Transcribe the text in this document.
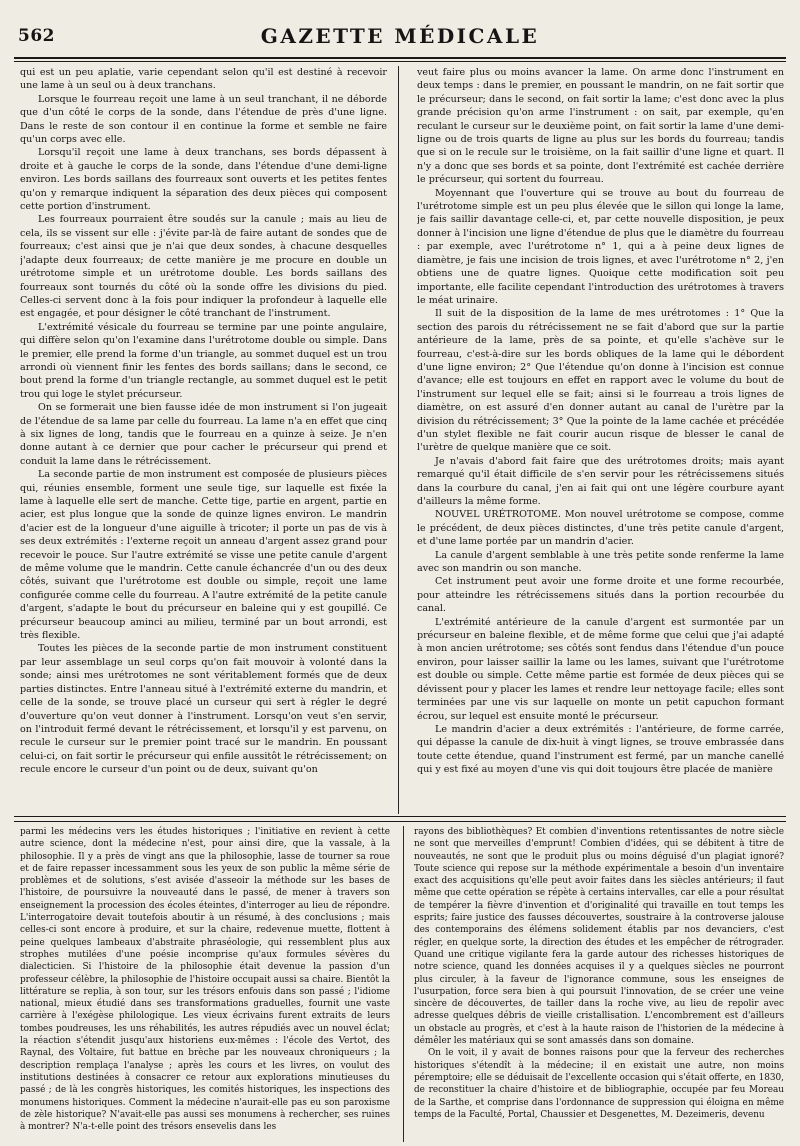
562	GAZETTE MÉDICALE

qui est un peu aplatie, varie cependant selon qu'il est destiné à recevoir une lame à un seul ou à deux tranchans.

Lorsque le fourreau reçoit une lame à un seul tranchant, il ne déborde que d'un côté le corps de la sonde, dans l'étendue de près d'une ligne. Dans le reste de son contour il en continue la forme et semble ne faire qu'un corps avec elle.

Lorsqu'il reçoit une lame à deux tranchans, ses bords dépassent à droite et à gauche le corps de la sonde, dans l'étendue d'une demi-ligne environ. Les bords saillans des fourreaux sont ouverts et les petites fentes qu'on y remarque indiquent la séparation des deux pièces qui composent cette portion d'instrument.

Les fourreaux pourraient être soudés sur la canule ; mais au lieu de cela, ils se vissent sur elle : j'évite par-là de faire autant de sondes que de fourreaux; c'est ainsi que je n'ai que deux sondes, à chacune desquelles j'adapte deux fourreaux; de cette manière je me procure en double un urétrotome simple et un urétrotome double. Les bords saillans des fourreaux sont tournés du côté où la sonde offre les divisions du pied. Celles-ci servent donc à la fois pour indiquer la profondeur à laquelle elle est engagée, et pour désigner le côté tranchant de l'instrument.

L'extrémité vésicale du fourreau se termine par une pointe angulaire, qui diffère selon qu'on l'examine dans l'urétrotome double ou simple. Dans le premier, elle prend la forme d'un triangle, au sommet duquel est un trou arrondi où viennent finir les fentes des bords saillans; dans le second, ce bout prend la forme d'un triangle rectangle, au sommet duquel est le petit trou qui loge le stylet précurseur.

On se formerait une bien fausse idée de mon instrument si l'on jugeait de l'étendue de sa lame par celle du fourreau. La lame n'a en effet que cinq à six lignes de long, tandis que le fourreau en a quinze à seize. Je n'en donne autant à ce dernier que pour cacher le précurseur qui prend et conduit la lame dans le rétrécissement.

La seconde partie de mon instrument est composée de plusieurs pièces qui, réunies ensemble, forment une seule tige, sur laquelle est fixée la lame à laquelle elle sert de manche. Cette tige, partie en argent, partie en acier, est plus longue que la sonde de quinze lignes environ. Le mandrin d'acier est de la longueur d'une aiguille à tricoter; il porte un pas de vis à ses deux extrémités : l'externe reçoit un anneau d'argent assez grand pour recevoir le pouce. Sur l'autre extrémité se visse une petite canule d'argent de même volume que le mandrin. Cette canule échancrée d'un ou des deux côtés, suivant que l'urétrotome est double ou simple, reçoit une lame configurée comme celle du fourreau. A l'autre extrémité de la petite canule d'argent, s'adapte le bout du précurseur en baleine qui y est goupillé. Ce précurseur beaucoup aminci au milieu, terminé par un bout arrondi, est très flexible.

Toutes les pièces de la seconde partie de mon instrument constituent par leur assemblage un seul corps qu'on fait mouvoir à volonté dans la sonde; ainsi mes urétrotomes ne sont véritablement formés que de deux parties distinctes. Entre l'anneau situé à l'extrémité externe du mandrin, et celle de la sonde, se trouve placé un curseur qui sert à régler le degré d'ouverture qu'on veut donner à l'instrument. Lorsqu'on veut s'en servir, on l'introduit fermé devant le rétrécissement, et lorsqu'il y est parvenu, on recule le curseur sur le premier point tracé sur le mandrin. En poussant celui-ci, on fait sortir le précurseur qui enfile aussitôt le rétrécissement; on recule encore le curseur d'un point ou de deux, suivant qu'on

veut faire plus ou moins avancer la lame. On arme donc l'instrument en deux temps : dans le premier, en poussant le mandrin, on ne fait sortir que le précurseur; dans le second, on fait sortir la lame; c'est donc avec la plus grande précision qu'on arme l'instrument : on sait, par exemple, qu'en reculant le curseur sur le deuxième point, on fait sortir la lame d'une demi-ligne ou de trois quarts de ligne au plus sur les bords du fourreau; tandis que si on le recule sur le troisième, on la fait saillir d'une ligne et quart. Il n'y a donc que ses bords et sa pointe, dont l'extrémité est cachée derrière le précurseur, qui sortent du fourreau.

Moyennant que l'ouverture qui se trouve au bout du fourreau de l'urétrotome simple est un peu plus élevée que le sillon qui longe la lame, je fais saillir davantage celle-ci, et, par cette nouvelle disposition, je peux donner à l'incision une ligne d'étendue de plus que le diamètre du fourreau : par exemple, avec l'urétrotome n° 1, qui a à peine deux lignes de diamètre, je fais une incision de trois lignes, et avec l'urétrotome n° 2, j'en obtiens une de quatre lignes. Quoique cette modification soit peu importante, elle facilite cependant l'introduction des urétrotomes à travers le méat urinaire.

Il suit de la disposition de la lame de mes urétrotomes : 1° Que la section des parois du rétrécissement ne se fait d'abord que sur la partie antérieure de la lame, près de sa pointe, et qu'elle s'achève sur le fourreau, c'est-à-dire sur les bords obliques de la lame qui le débordent d'une ligne environ; 2° Que l'étendue qu'on donne à l'incision est connue d'avance; elle est toujours en effet en rapport avec le volume du bout de l'instrument sur lequel elle se fait; ainsi si le fourreau a trois lignes de diamètre, on est assuré d'en donner autant au canal de l'urètre par la division du rétrécissement; 3° Que la pointe de la lame cachée et précédée d'un stylet flexible ne fait courir aucun risque de blesser le canal de l'urètre de quelque manière que ce soit.

Je n'avais d'abord fait faire que des urétrotomes droits; mais ayant remarqué qu'il était difficile de s'en servir pour les rétrécissemens situés dans la courbure du canal, j'en ai fait qui ont une légère courbure ayant d'ailleurs la même forme.

NOUVEL URÉTROTOME. Mon nouvel urétrotome se compose, comme le précédent, de deux pièces distinctes, d'une très petite canule d'argent, et d'une lame portée par un mandrin d'acier.

La canule d'argent semblable à une très petite sonde renferme la lame avec son mandrin ou son manche.

Cet instrument peut avoir une forme droite et une forme recourbée, pour atteindre les rétrécissemens situés dans la portion recourbée du canal.

L'extrémité antérieure de la canule d'argent est surmontée par un précurseur en baleine flexible, et de même forme que celui que j'ai adapté à mon ancien urétrotome; ses côtés sont fendus dans l'étendue d'un pouce environ, pour laisser saillir la lame ou les lames, suivant que l'urétrotome est double ou simple. Cette même partie est formée de deux pièces qui se dévissent pour y placer les lames et rendre leur nettoyage facile; elles sont terminées par une vis sur laquelle on monte un petit capuchon formant écrou, sur lequel est ensuite monté le précurseur.

Le mandrin d'acier a deux extrémités : l'antérieure, de forme carrée, qui dépasse la canule de dix-huit à vingt lignes, se trouve embrassée dans toute cette étendue, quand l'instrument est fermé, par un manche canellé qui y est fixé au moyen d'une vis qui doit toujours être placée de manière

parmi les médecins vers les études historiques ; l'initiative en revient à cette autre science, dont la médecine n'est, pour ainsi dire, que la vassale, à la philosophie. Il y a près de vingt ans que la philosophie, lasse de tourner sa roue et de faire repasser incessamment sous les yeux de son public la même série de problèmes et de solutions, s'est avisée d'asseoir la méthode sur les bases de l'histoire, de poursuivre la nouveauté dans le passé, de mener à travers son enseignement la procession des écoles éteintes, d'interroger au lieu de répondre. L'interrogatoire devait toutefois aboutir à un résumé, à des conclusions ; mais celles-ci sont encore à produire, et sur la chaire, redevenue muette, flottent à peine quelques lambeaux d'abstraite phraséologie, qui ressemblent plus aux strophes mutilées d'une poésie incomprise qu'aux formules sévères du dialecticien. Si l'histoire de la philosophie était devenue la passion d'un professeur célèbre, la philosophie de l'histoire occupait aussi sa chaire. Bientôt la littérature se replia, à son tour, sur les trésors enfouis dans son passé ; l'idiome national, mieux étudié dans ses transformations graduelles, fournit une vaste carrière à l'exégèse philologique. Les vieux écrivains furent extraits de leurs tombes poudreuses, les uns réhabilités, les autres répudiés avec un nouvel éclat; la réaction s'étendit jusqu'aux historiens eux-mêmes : l'école des Vertot, des Raynal, des Voltaire, fut battue en brèche par les nouveaux chroniqueurs ; la description remplaça l'analyse ; après les cours et les livres, on voulut des institutions destinées à consacrer ce retour aux explorations minutieuses du passé ; de là les congrès historiques, les comités historiques, les inspections des monumens historiques. Comment la médecine n'aurait-elle pas eu son paroxisme de zèle historique? N'avait-elle pas aussi ses monumens à rechercher, ses ruines à montrer? N'a-t-elle point des trésors ensevelis dans les

rayons des bibliothèques? Et combien d'inventions retentissantes de notre siècle ne sont que merveilles d'emprunt! Combien d'idées, qui se débitent à titre de nouveautés, ne sont que le produit plus ou moins déguisé d'un plagiat ignoré? Toute science qui repose sur la méthode expérimentale a besoin d'un inventaire exact des acquisitions qu'elle peut avoir faites dans les siècles antérieurs; il faut même que cette opération se répète à certains intervalles, car elle a pour résultat de tempérer la fièvre d'invention et d'originalité qui travaille en tout temps les esprits; faire justice des fausses découvertes, soustraire à la controverse jalouse des contemporains des élémens solidement établis par nos devanciers, c'est régler, en quelque sorte, la direction des études et les empêcher de rétrograder. Quand une critique vigilante fera la garde autour des richesses historiques de notre science, quand les données acquises il y a quelques siècles ne pourront plus circuler, à la faveur de l'ignorance commune, sous les enseignes de l'usurpation, force sera bien à qui poursuit l'innovation, de se créer une veine sincère de découvertes, de tailler dans la roche vive, au lieu de repolir avec adresse quelques débris de vieille cristallisation. L'encombrement est d'ailleurs un obstacle au progrès, et c'est à la haute raison de l'historien de la médecine à démêler les matériaux qui se sont amassés dans son domaine.

On le voit, il y avait de bonnes raisons pour que la ferveur des recherches historiques s'étendît à la médecine; il en existait une autre, non moins péremptoire; elle se déduisait de l'excellente occasion qui s'était offerte, en 1830, de reconstituer la chaire d'histoire et de bibliographie, occupée par feu Moreau de la Sarthe, et comprise dans l'ordonnance de suppression qui éloigna en même temps de la Faculté, Portal, Chaussier et Desgenettes, M. Dezeimeris, devenu
